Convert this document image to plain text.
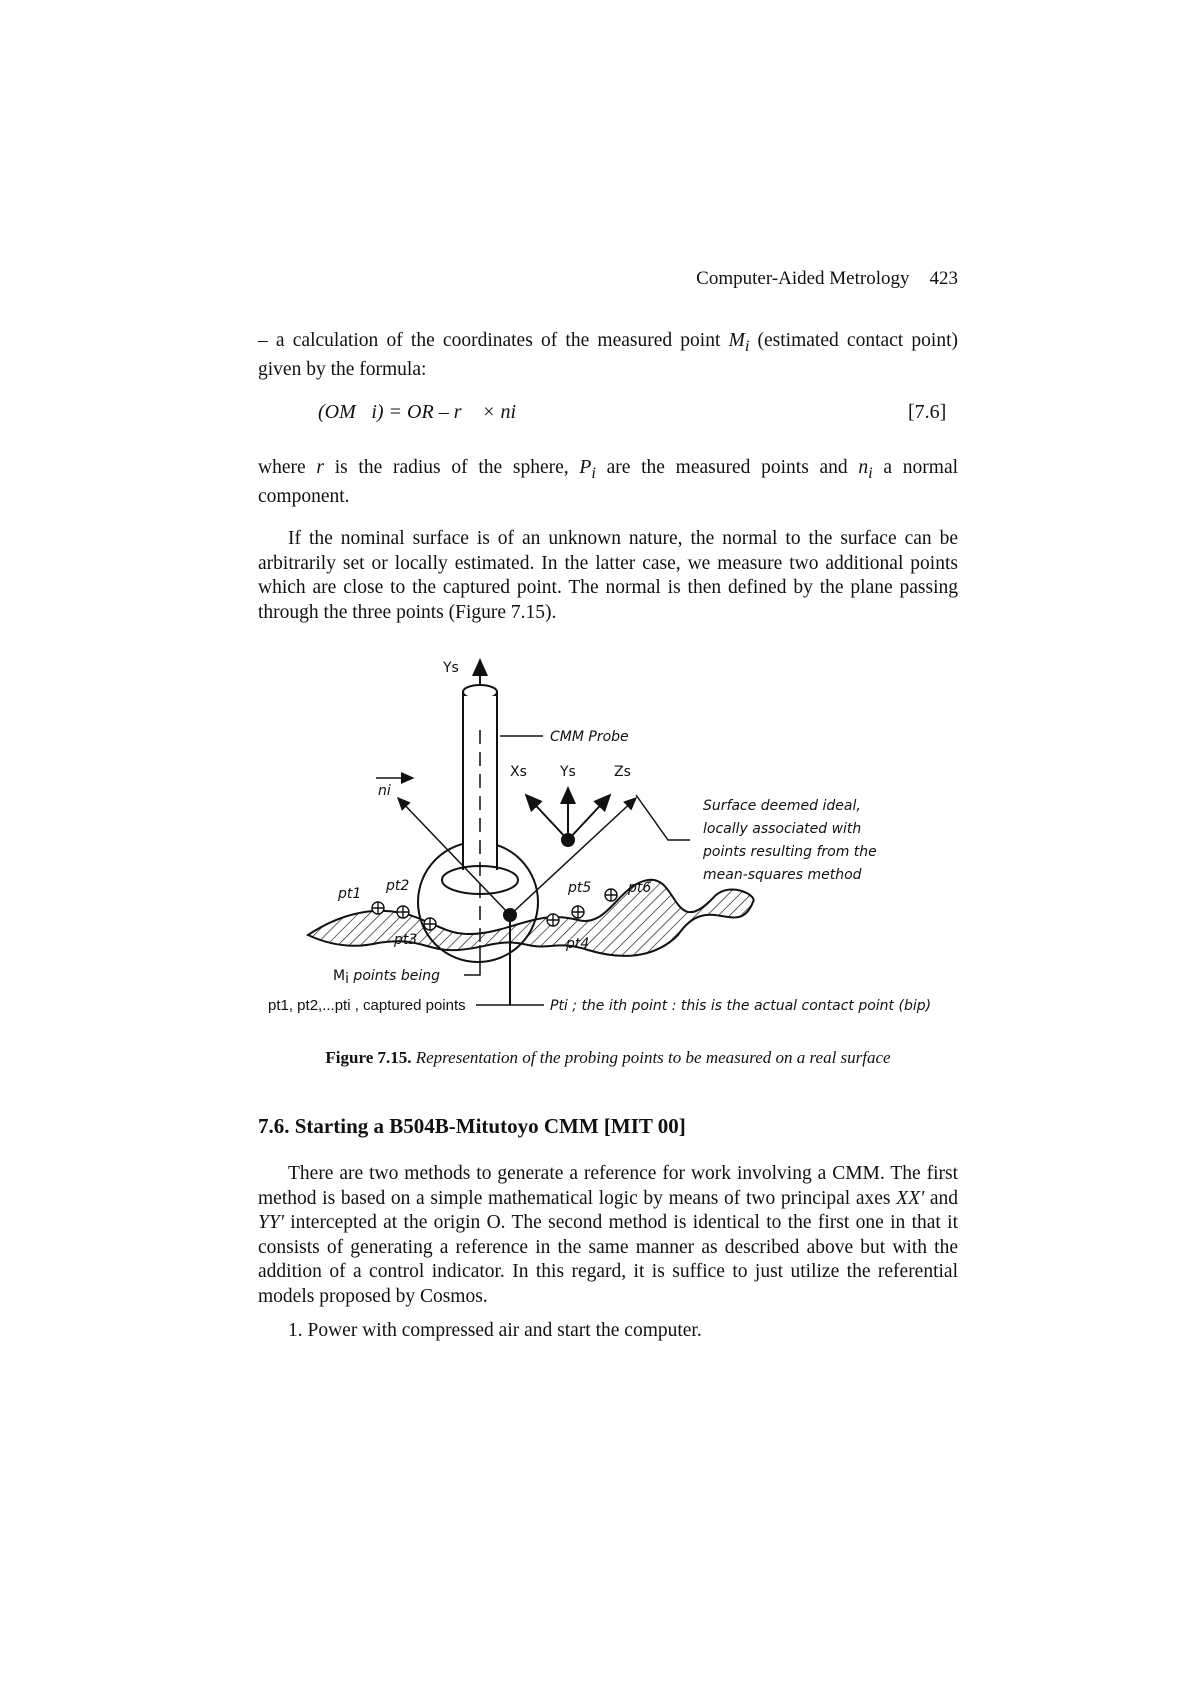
Computer-Aided Metrology 423

– a calculation of the coordinates of the measured point $M_i$ (estimated contact point) given by the formula:

(OM⃗i) = OR – r⃗ × ni	[7.6]

where r is the radius of the sphere, $P_i$ are the measured points and $n_i$ a normal component.

If the nominal surface is of an unknown nature, the normal to the surface can be arbitrarily set or locally estimated. In the latter case, we measure two additional points which are close to the captured point. The normal is then defined by the plane passing through the three points (Figure 7.15).

Ys
CMM Probe
Xs Ys	Zs
ni
Surface deemed ideal,
locally associated with
points resulting from the
mean-squares method
pt1 pt2
pt3	pt4
pt5	pt6
Mi points being
pt1, pt2,...pti , captured points	Pti ; the ith point : this is the actual contact point (bip)
Figure 7.15. Representation of the probing points to be measured on a real surface
7.6. Starting a B504B-Mitutoyo CMM [MIT 00]

There are two methods to generate a reference for work involving a CMM. The first method is based on a simple mathematical logic by means of two principal axes XX' and YY' intercepted at the origin O. The second method is identical to the first one in that it consists of generating a reference in the same manner as described above but with the addition of a control indicator. In this regard, it is suffice to just utilize the referential models proposed by Cosmos.

1. Power with compressed air and start the computer.
